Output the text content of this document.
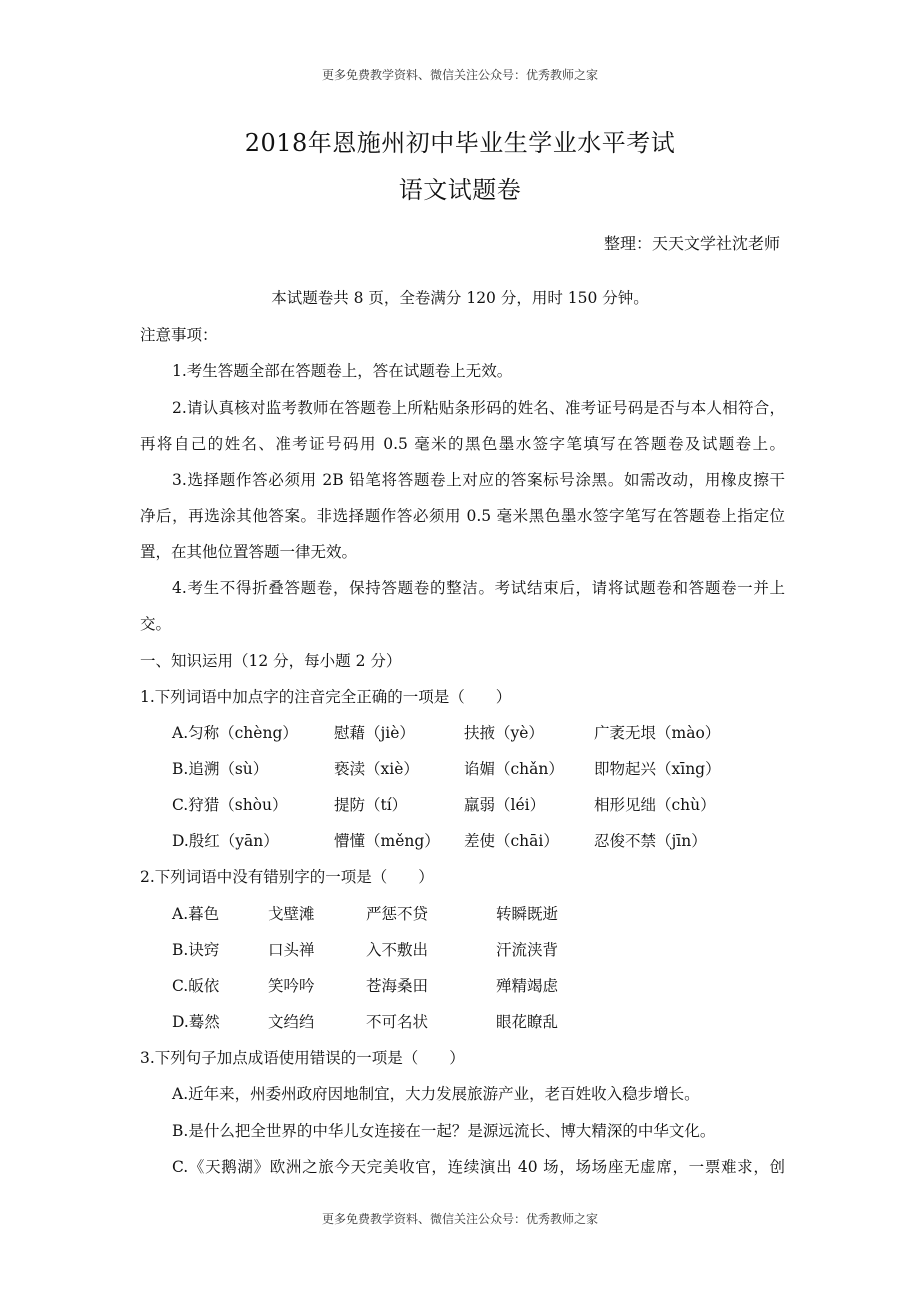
更多免费教学资料、微信关注公众号：优秀教师之家
2018年恩施州初中毕业生学业水平考试
语文试题卷
整理：天天文学社沈老师
本试题卷共 8 页，全卷满分 120 分，用时 150 分钟。
注意事项：
1.考生答题全部在答题卷上，答在试题卷上无效。
2.请认真核对监考教师在答题卷上所粘贴条形码的姓名、准考证号码是否与本人相符合，
再将自己的姓名、准考证号码用 0.5 毫米的黑色墨水签字笔填写在答题卷及试题卷上。
3.选择题作答必须用 2B 铅笔将答题卷上对应的答案标号涂黑。如需改动，用橡皮擦干
净后，再选涂其他答案。非选择题作答必须用 0.5 毫米黑色墨水签字笔写在答题卷上指定位
置，在其他位置答题一律无效。
4.考生不得折叠答题卷，保持答题卷的整洁。考试结束后，请将试题卷和答题卷一并上
交。
一、知识运用（12 分，每小题 2 分）
1.下列词语中加点字的注音完全正确的一项是（　　）
A.匀称（chèng） 慰藉（jiè）	扶掖（yè）	广袤无垠（mào）
B.追溯（sù）	亵渎（xiè）	谄媚（chǎn） 即物起兴（xīng）
C.狩猎（shòu）	提防（tí）	羸弱（léi）	相形见绌（chù）
D.殷红（yān）	懵懂（měng） 差使（chāi） 忍俊不禁（jīn）
2.下列词语中没有错别字的一项是（　　）
A.暮色	戈壁滩	严惩不贷	转瞬既逝
B.诀窍	口头禅	入不敷出	汗流浃背
C.皈依	笑吟吟	苍海桑田	殚精竭虑
D.蓦然	文绉绉	不可名状	眼花瞭乱
3.下列句子加点成语使用错误的一项是（　　）
A.近年来，州委州政府因地制宜，大力发展旅游产业，老百姓收入稳步增长。
B.是什么把全世界的中华儿女连接在一起？是源远流长、博大精深的中华文化。
C.《天鹅湖》欧洲之旅今天完美收官，连续演出 40 场，场场座无虚席，一票难求，创
更多免费教学资料、微信关注公众号：优秀教师之家
